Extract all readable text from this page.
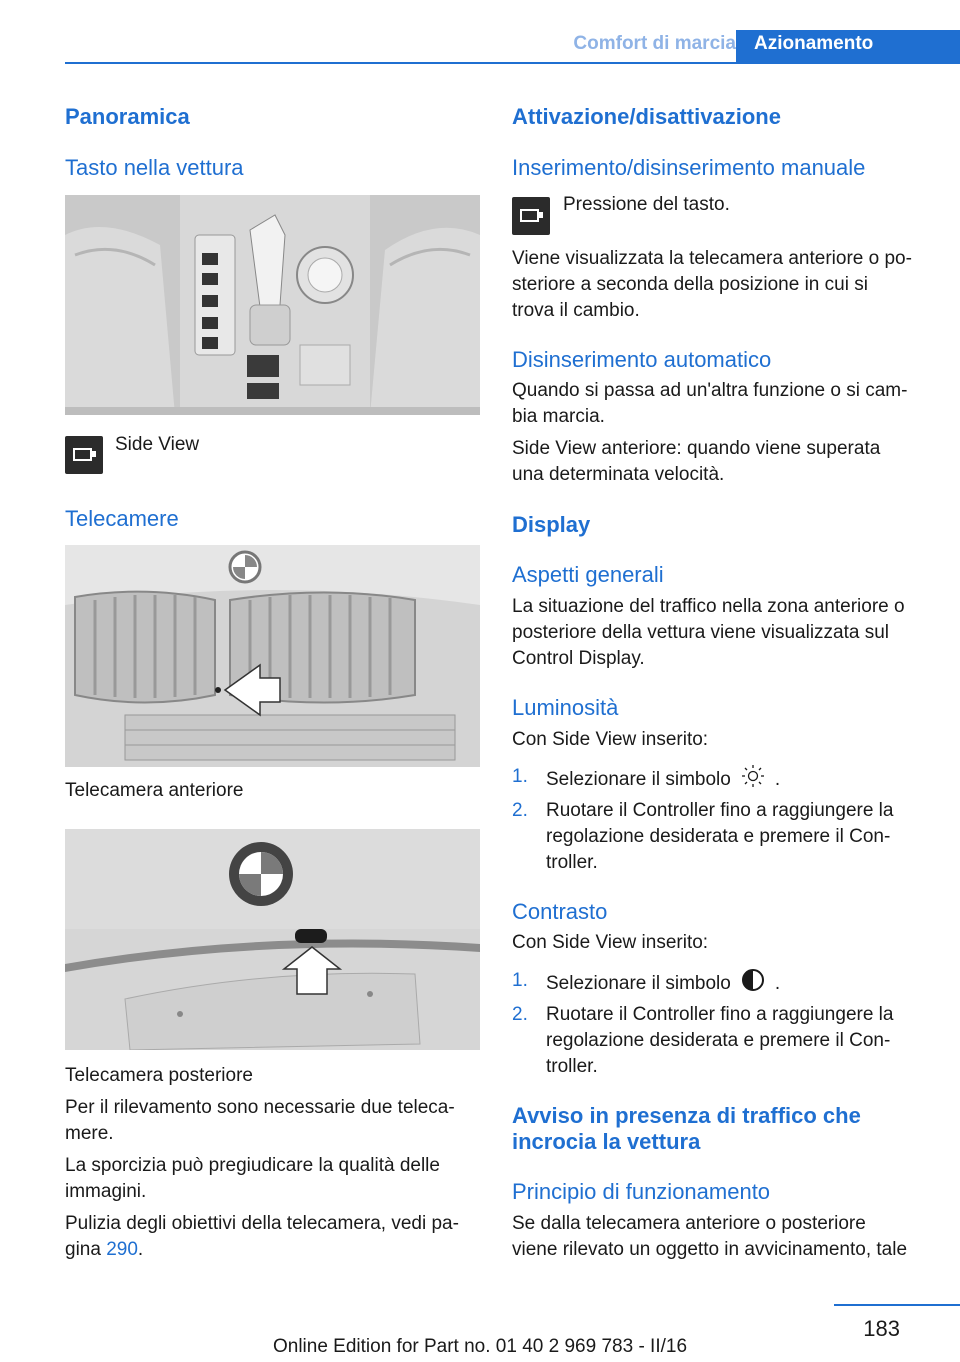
Comfort di marcia Azionamento
Panoramica
Tasto nella vettura
Side View
Telecamere
Telecamera anteriore
Telecamera posteriore
Per il rilevamento sono necessarie due teleca-
mere.
La sporcizia può pregiudicare la qualità delle
immagini.
Pulizia degli obiettivi della telecamera, vedi pa-
gina 290.
Attivazione/disattivazione
Inserimento/disinserimento manuale
Pressione del tasto.
Viene visualizzata la telecamera anteriore o po-
steriore a seconda della posizione in cui si
trova il cambio.
Disinserimento automatico
Quando si passa ad un'altra funzione o si cam-
bia marcia.
Side View anteriore: quando viene superata
una determinata velocità.
Display
Aspetti generali
La situazione del traffico nella zona anteriore o
posteriore della vettura viene visualizzata sul
Control Display.
Luminosità
Con Side View inserito:
1. Selezionare il simbolo .
2. Ruotare il Controller fino a raggiungere la
regolazione desiderata e premere il Con-
troller.
Contrasto
Con Side View inserito:
1. Selezionare il simbolo .
2. Ruotare il Controller fino a raggiungere la
regolazione desiderata e premere il Con-
troller.
Avviso in presenza di traffico che
incrocia la vettura
Principio di funzionamento
Se dalla telecamera anteriore o posteriore
viene rilevato un oggetto in avvicinamento, tale
183
Online Edition for Part no. 01 40 2 969 783 - II/16
